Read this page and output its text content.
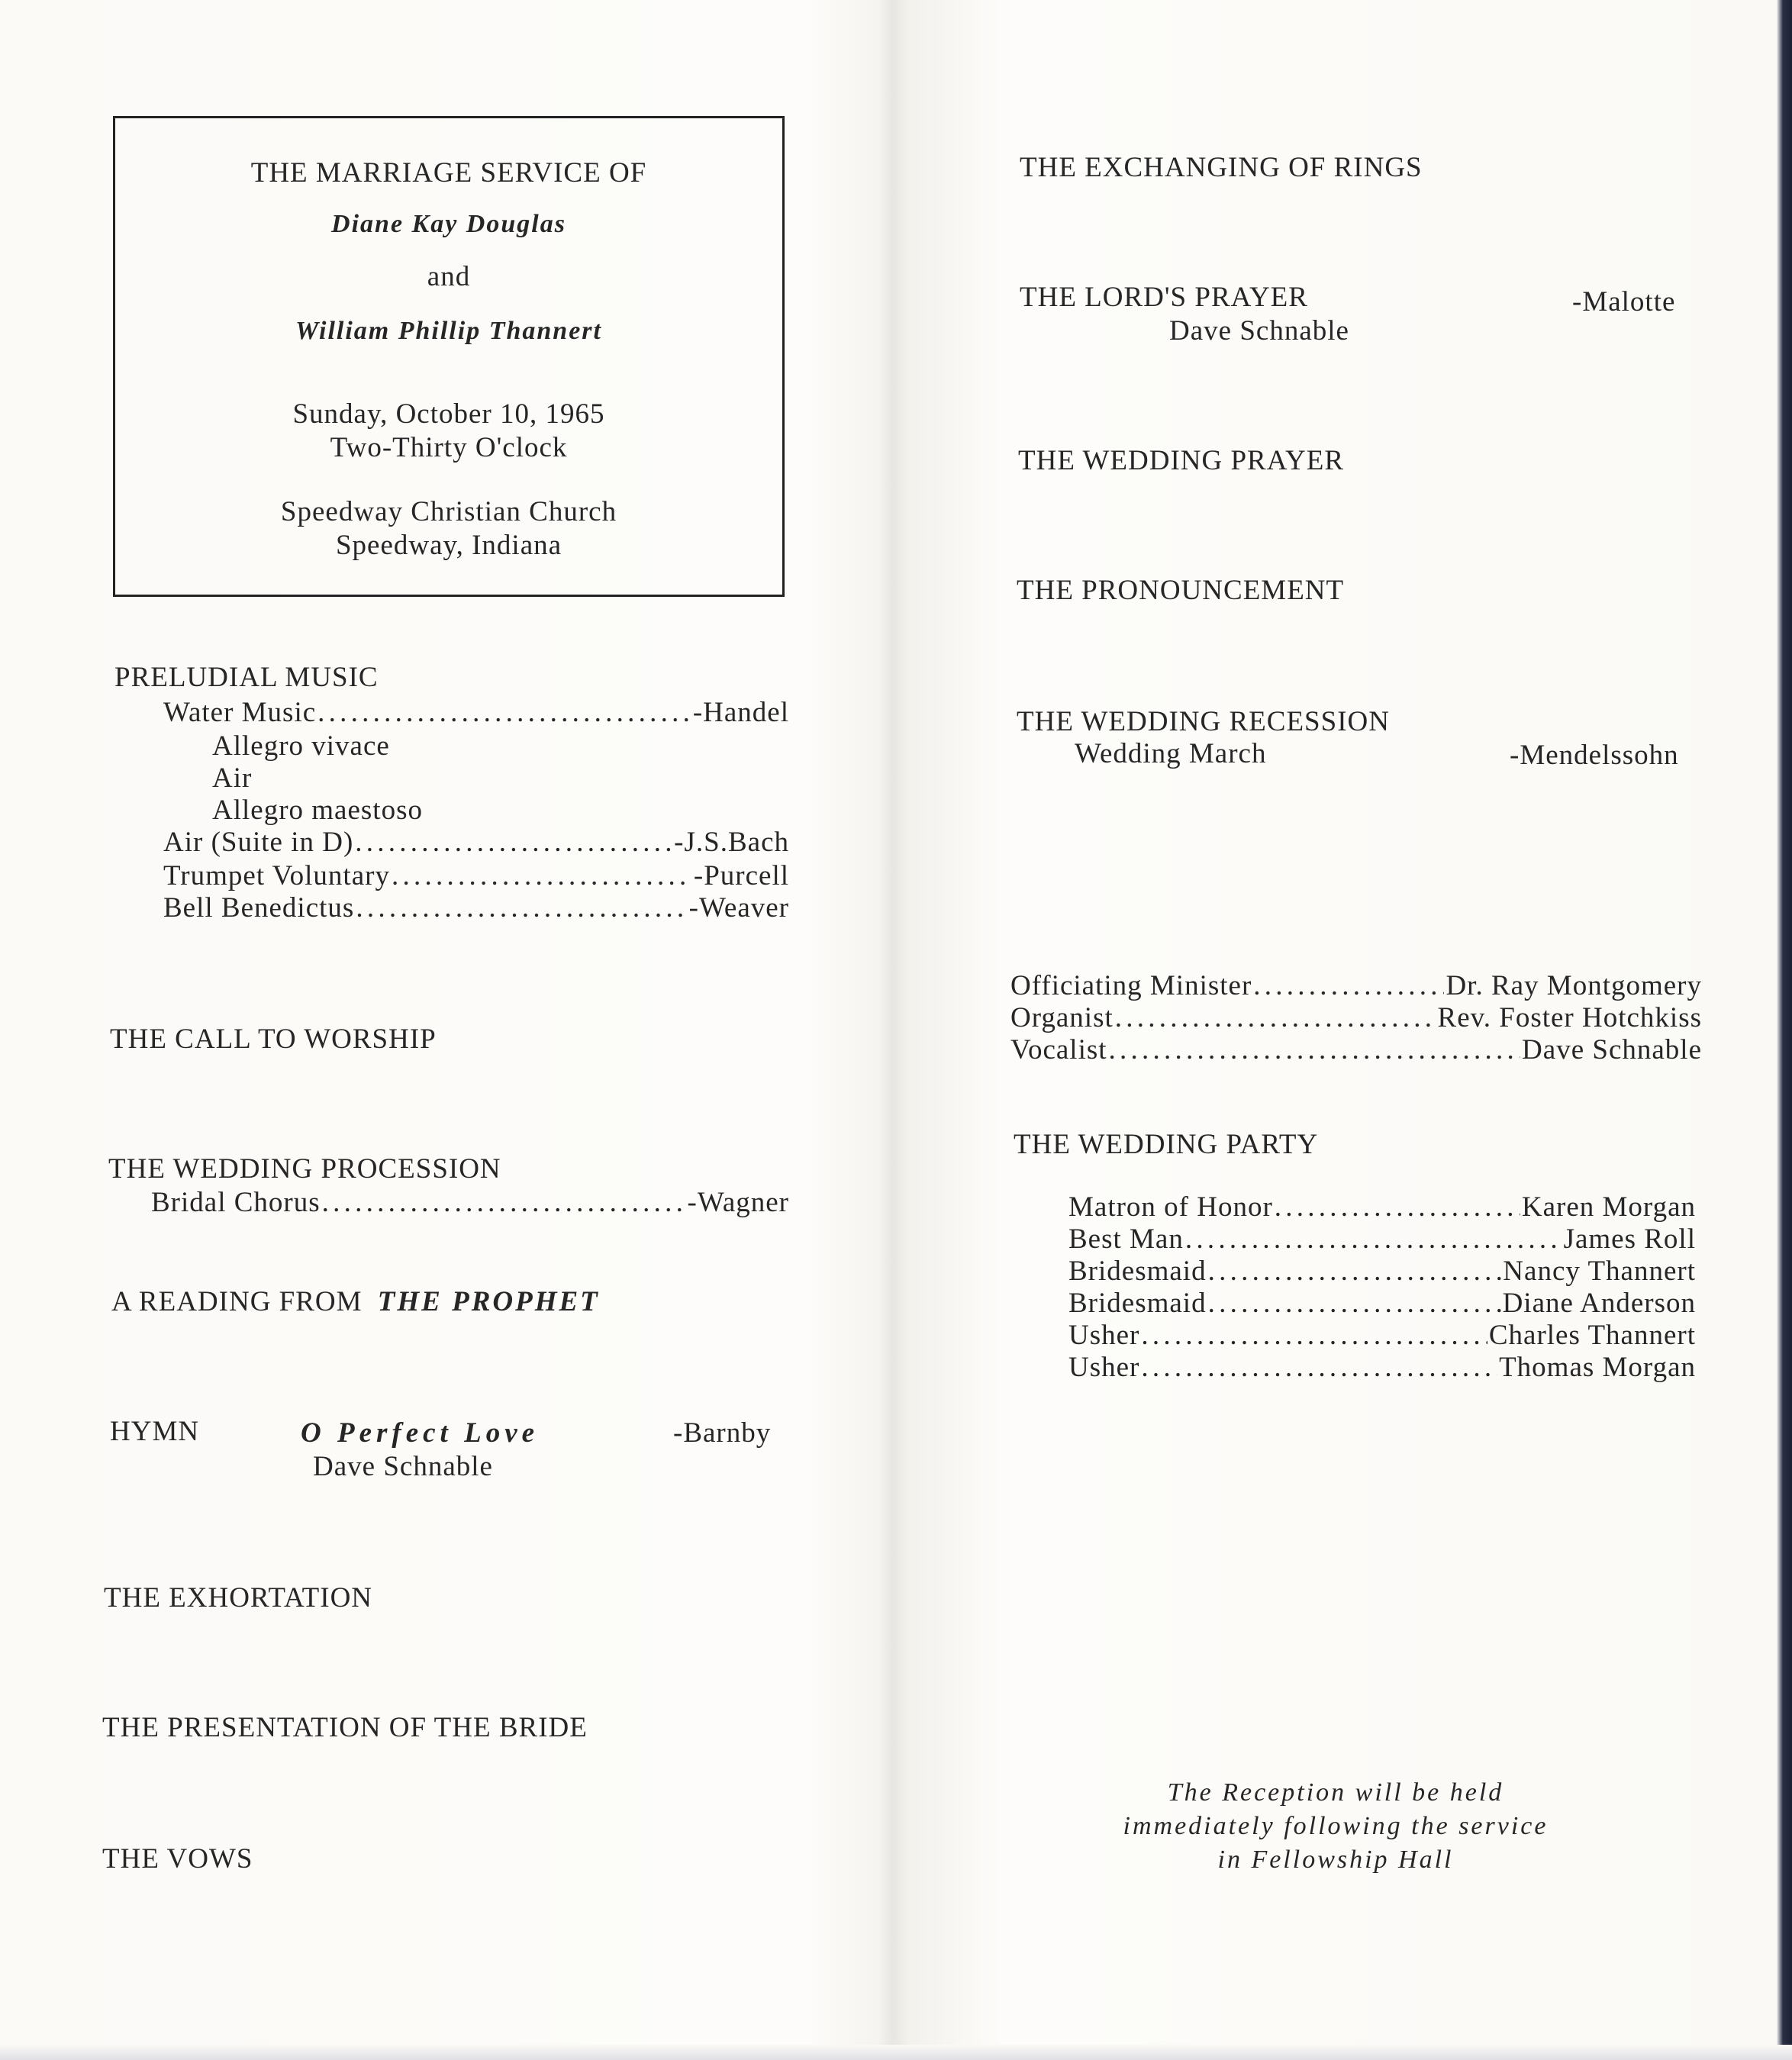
THE MARRIAGE SERVICE OF
Diane Kay Douglas
and
William Phillip Thannert
Sunday, October 10, 1965
Two-Thirty O'clock
Speedway Christian Church
Speedway, Indiana
PRELUDIAL MUSIC
Water Music . . .	-Handel
Allegro vivace
Air
Allegro maestoso
Air (Suite in D) . . .	-J.S.Bach
Trumpet Voluntary . . .	-Purcell
Bell Benedictus . . .	-Weaver
THE CALL TO WORSHIP
THE WEDDING PROCESSION
Bridal Chorus . . .	-Wagner
A READING FROM THE PROPHET
HYMN	O Perfect Love	-Barnby
Dave Schnable
THE EXHORTATION
THE PRESENTATION OF THE BRIDE
THE VOWS
THE EXCHANGING OF RINGS
THE LORD'S PRAYER	-Malotte
Dave Schnable
THE WEDDING PRAYER
THE PRONOUNCEMENT
THE WEDDING RECESSION
Wedding March	-Mendelssohn
Officiating Minister . . .	Dr. Ray Montgomery
Organist . . .	Rev. Foster Hotchkiss
Vocalist . . .	Dave Schnable
THE WEDDING PARTY
Matron of Honor . . .	Karen Morgan
Best Man . . .	James Roll
Bridesmaid . . .	Nancy Thannert
Bridesmaid . . .	Diane Anderson
Usher . . .	Charles Thannert
Usher . . .	Thomas Morgan
The Reception will be held
immediately following the service
in Fellowship Hall
